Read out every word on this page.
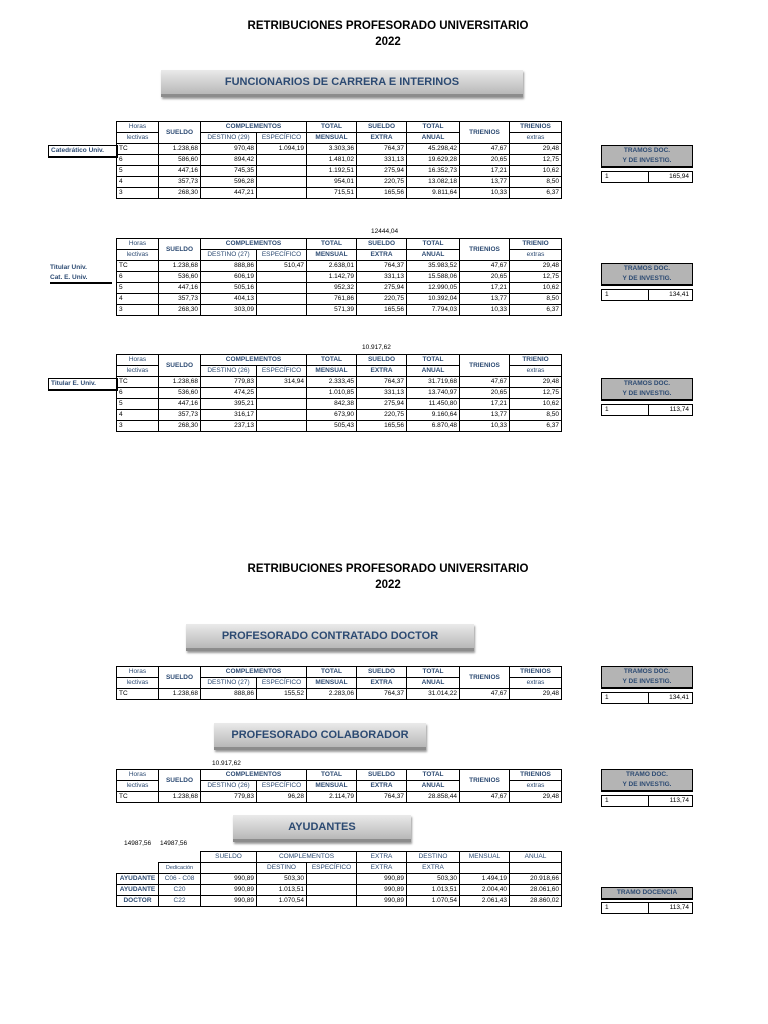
RETRIBUCIONES PROFESORADO UNIVERSITARIO
2022
FUNCIONARIOS DE CARRERA E INTERINOS
Catedrático Univ.
Horas	SUELDO	COMPLEMENTOS		TOTAL	SUELDO	TOTAL	TRIENIOS	TRIENIOS
lectivas		DESTINO (29)	ESPECÍFICO	MENSUAL	EXTRA	ANUAL		extras
TC	1.238,68	970,48	1.094,19	3.303,36	764,37	45.298,42	47,67	29,48
6	586,60	894,42		1.481,02	331,13	19.629,28	20,65	12,75
5	447,16	745,35		1.192,51	275,94	16.352,73	17,21	10,62
4	357,73	596,28		954,01	220,75	13.082,18	13,77	8,50
3	268,30	447,21		715,51	165,56	9.811,64	10,33	6,37
TRAMOS DOC.
Y DE INVESTIG.
1	165,94
12444,04
Titular Univ.
Cat. E. Univ.
Horas	SUELDO	COMPLEMENTOS		TOTAL	SUELDO	TOTAL	TRIENIOS	TRIENIO
lectivas		DESTINO (27)	ESPECÍFICO	MENSUAL	EXTRA	ANUAL		extras
TC	1.238,68	888,86	510,47	2.638,01	764,37	35.983,52	47,67	29,48
6	536,60	606,19		1.142,79	331,13	15.588,06	20,65	12,75
5	447,16	505,16		952,32	275,94	12.990,05	17,21	10,62
4	357,73	404,13		761,86	220,75	10.392,04	13,77	8,50
3	268,30	303,09		571,39	165,56	7.794,03	10,33	6,37
TRAMOS DOC.
Y DE INVESTIG.
1	134,41
10.917,62
Titular E. Univ.
Horas	SUELDO	COMPLEMENTOS		TOTAL	SUELDO	TOTAL	TRIENIOS	TRIENIO
lectivas		DESTINO (26)	ESPECÍFICO	MENSUAL	EXTRA	ANUAL		extras
TC	1.238,68	779,83	314,94	2.333,45	764,37	31.719,68	47,67	29,48
6	536,60	474,25		1.010,85	331,13	13.740,97	20,65	12,75
5	447,16	395,21		842,38	275,94	11.450,80	17,21	10,62
4	357,73	316,17		673,90	220,75	9.160,64	13,77	8,50
3	268,30	237,13		505,43	165,56	6.870,48	10,33	6,37
TRAMOS DOC.
Y DE INVESTIG.
1	113,74
RETRIBUCIONES PROFESORADO UNIVERSITARIO
2022
PROFESORADO CONTRATADO DOCTOR
Horas	SUELDO	COMPLEMENTOS		TOTAL	SUELDO	TOTAL	TRIENIOS	TRIENIOS
lectivas		DESTINO (27)	ESPECÍFICO	MENSUAL	EXTRA	ANUAL		extras
TC	1.238,68	888,86	155,52	2.283,06	764,37	31.014,22	47,67	29,48
TRAMOS DOC.
Y DE INVESTIG.
1	134,41
PROFESORADO COLABORADOR
10.917,62
Horas	SUELDO	COMPLEMENTOS		TOTAL	SUELDO	TOTAL	TRIENIOS	TRIENIOS
lectivas		DESTINO (26)	ESPECÍFICO	MENSUAL	EXTRA	ANUAL		extras
TC	1.238,68	779,83	96,28	2.114,79	764,37	28.858,44	47,67	29,48
TRAMO DOC.
Y DE INVESTIG.
1	113,74
AYUDANTES
14987,56 14987,56
		SUELDO	COMPLEMENTOS		EXTRA	DESTINO	MENSUAL	ANUAL
	Dedicación		DESTINO	ESPECÍFICO	EXTRA	EXTRA		
AYUDANTE	C06 - C08	990,89	503,30		990,89	503,30	1.494,19	20.918,66
AYUDANTE	C20	990,89	1.013,51		990,89	1.013,51	2.004,40	28.061,60
DOCTOR	C22	990,89	1.070,54		990,89	1.070,54	2.061,43	28.860,02
TRAMO DOCENCIA
1	113,74
